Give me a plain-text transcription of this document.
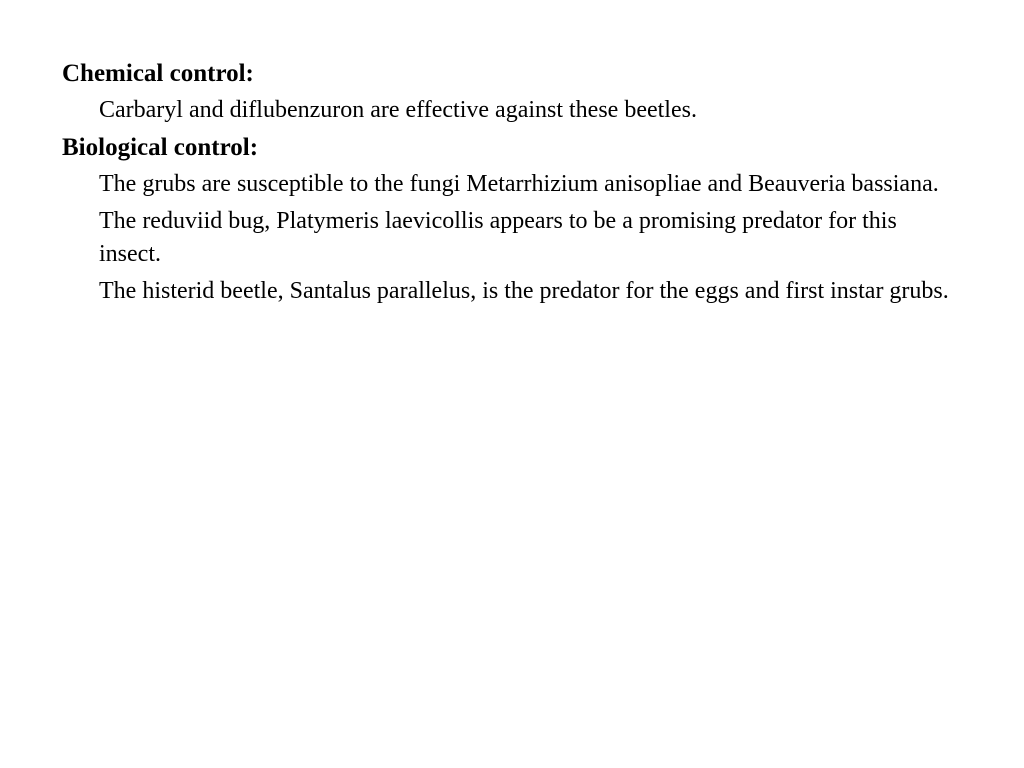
Chemical control:
Carbaryl and diflubenzuron are effective against these beetles.
Biological control:
The grubs are susceptible to the fungi Metarrhizium anisopliae and Beauveria bassiana.
The reduviid bug, Platymeris laevicollis appears to be a promising predator for this insect.
The histerid beetle, Santalus parallelus, is the predator for the eggs and first instar grubs.
